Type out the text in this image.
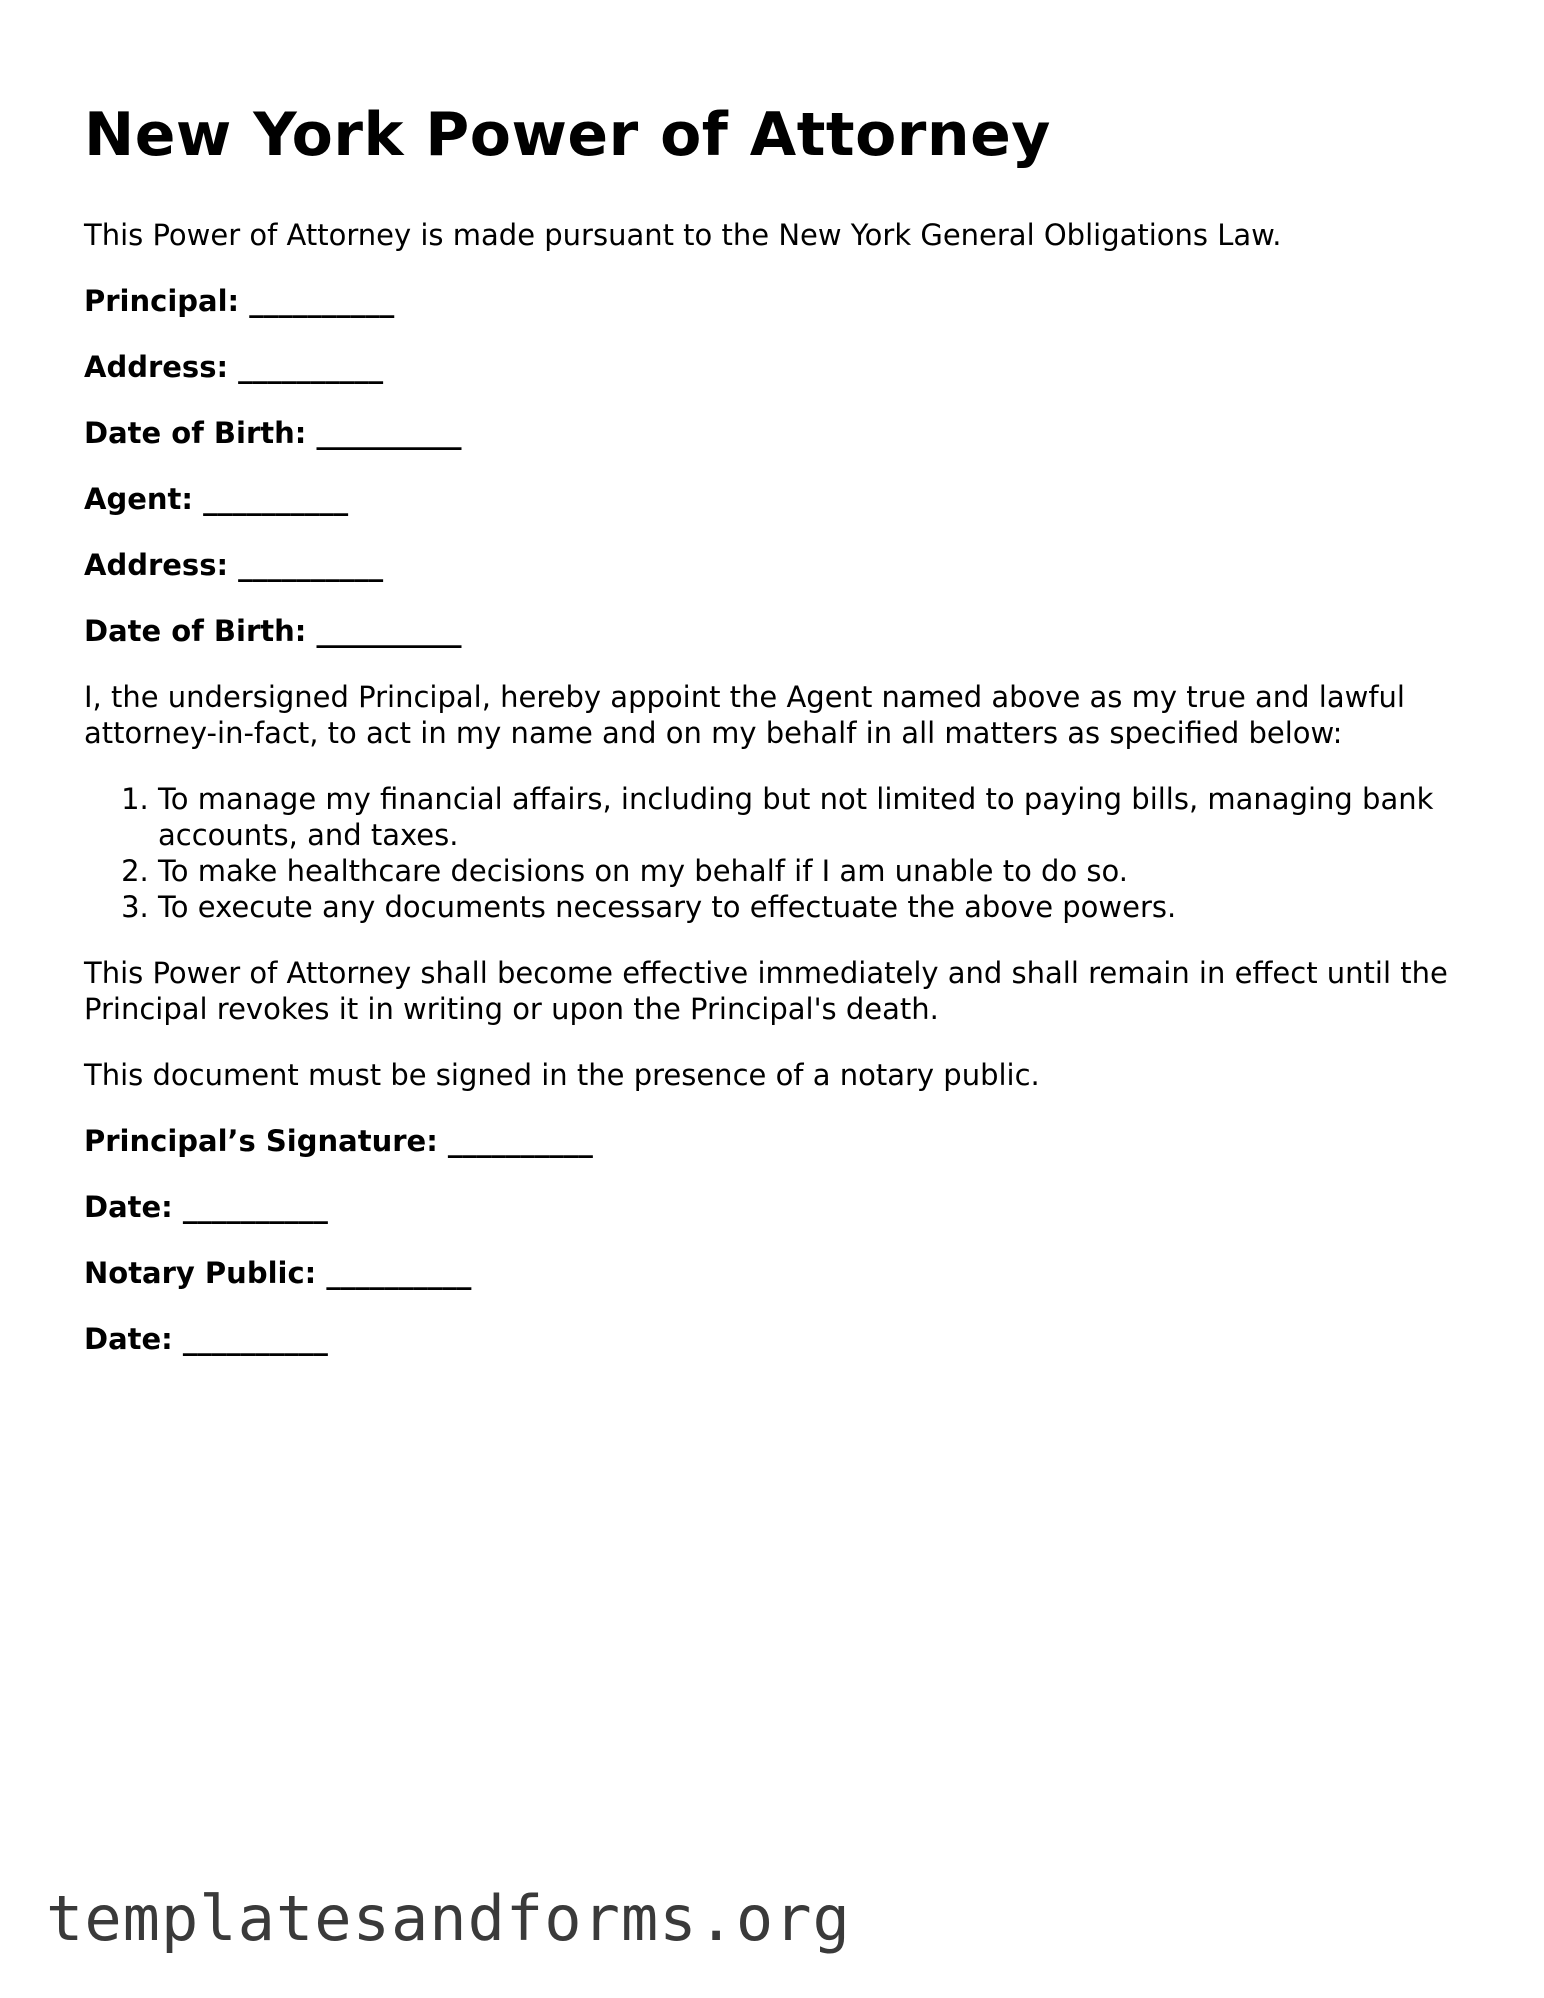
New York Power of Attorney

This Power of Attorney is made pursuant to the New York General Obligations Law.

Principal: __________

Address: __________

Date of Birth: __________

Agent: __________

Address: __________

Date of Birth: __________

I, the undersigned Principal, hereby appoint the Agent named above as my true and lawful attorney-in-fact, to act in my name and on my behalf in all matters as specified below:

1. To manage my financial affairs, including but not limited to paying bills, managing bank accounts, and taxes.
2. To make healthcare decisions on my behalf if I am unable to do so.
3. To execute any documents necessary to effectuate the above powers.

This Power of Attorney shall become effective immediately and shall remain in effect until the Principal revokes it in writing or upon the Principal's death.

This document must be signed in the presence of a notary public.

Principal’s Signature: __________

Date: __________

Notary Public: __________

Date: __________

templatesandforms.org
